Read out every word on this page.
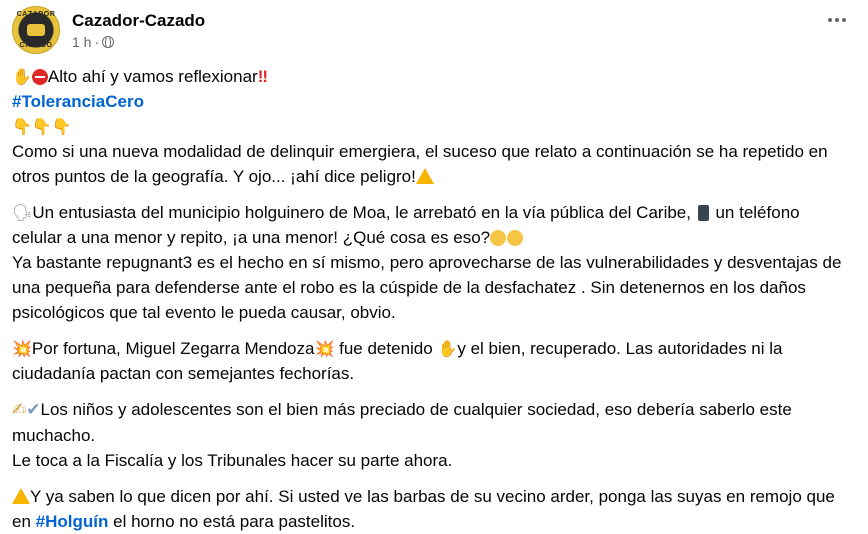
CAZADOR
CAZADO
Cazador-Cazado
1 h ·

✋ Alto ahí y vamos reflexionar!!

#ToleranciaCero

👇👇👇

Como si una nueva modalidad de delinquir emergiera, el suceso que relato a continuación se ha repetido en otros puntos de la geografía. Y ojo... ¡ahí dice peligro!

🗣Un entusiasta del municipio holguinero de Moa, le arrebató en la vía pública del Caribe, un teléfono celular a una menor y repito, ¡a una menor! ¿Qué cosa es eso?

Ya bastante repugnant3 es el hecho en sí mismo, pero aprovecharse de las vulnerabilidades y desventajas de una pequeña para defenderse ante el robo es la cúspide de la desfachatez . Sin detenernos en los daños psicológicos que tal evento le pueda causar, obvio.

💥Por fortuna, Miguel Zegarra Mendoza💥 fue detenido ✋y el bien, recuperado. Las autoridades ni la ciudadanía pactan con semejantes fechorías.

✍✔Los niños y adolescentes son el bien más preciado de cualquier sociedad, eso debería saberlo este muchacho.

Le toca a la Fiscalía y los Tribunales hacer su parte ahora.

Y ya saben lo que dicen por ahí. Si usted ve las barbas de su vecino arder, ponga las suyas en remojo que en #Holguín el horno no está para pastelitos.
